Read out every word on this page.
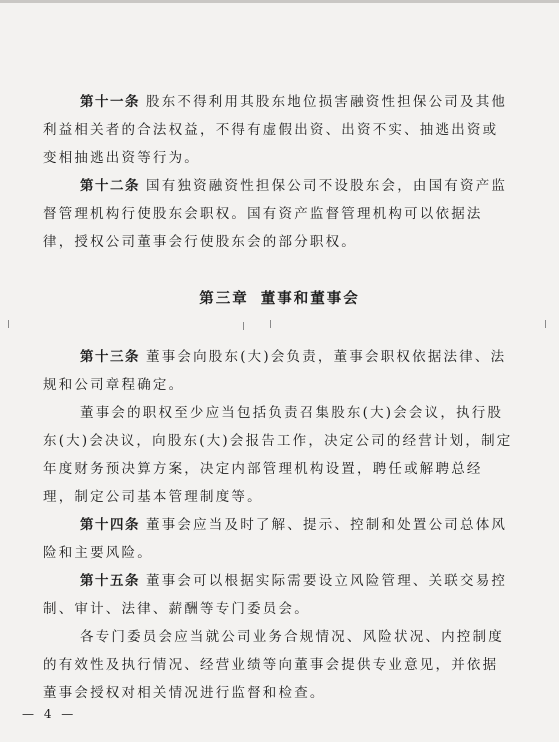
第十一条 股东不得利用其股东地位损害融资性担保公司及其他利益相关者的合法权益，不得有虚假出资、出资不实、抽逃出资或变相抽逃出资等行为。

第十二条 国有独资融资性担保公司不设股东会，由国有资产监督管理机构行使股东会职权。国有资产监督管理机构可以依据法律，授权公司董事会行使股东会的部分职权。

第三章 董事和董事会

第十三条 董事会向股东(大)会负责，董事会职权依据法律、法规和公司章程确定。

董事会的职权至少应当包括负责召集股东(大)会会议，执行股东(大)会决议，向股东(大)会报告工作，决定公司的经营计划，制定年度财务预决算方案，决定内部管理机构设置，聘任或解聘总经理，制定公司基本管理制度等。

第十四条 董事会应当及时了解、提示、控制和处置公司总体风险和主要风险。

第十五条 董事会可以根据实际需要设立风险管理、关联交易控制、审计、法律、薪酬等专门委员会。

各专门委员会应当就公司业务合规情况、风险状况、内控制度的有效性及执行情况、经营业绩等向董事会提供专业意见，并依据董事会授权对相关情况进行监督和检查。

— 4 —
